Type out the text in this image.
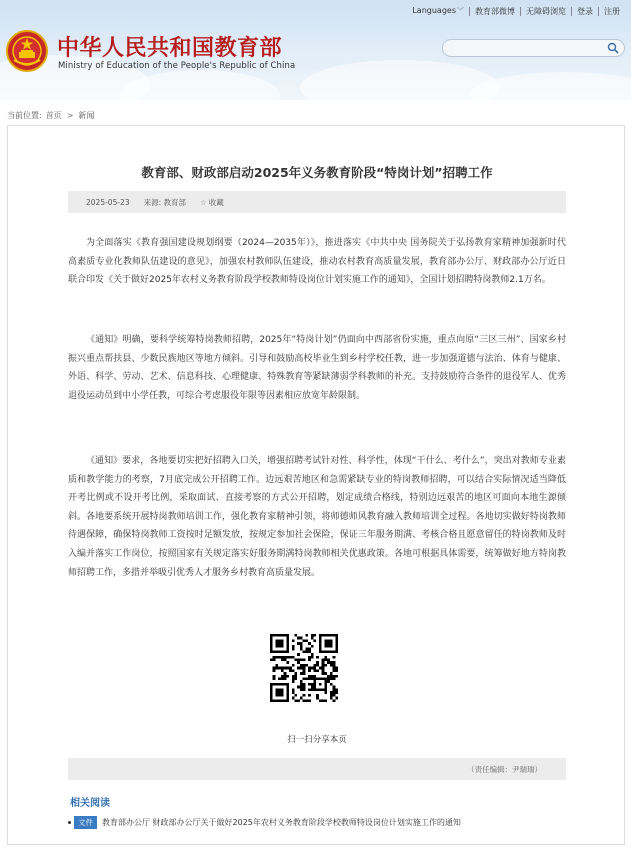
Languages﹀	教育部微博	无障碍浏览	登录	注册
中华人民共和国教育部
Ministry of Education of the People's Republic of China
当前位置: 首页 > 新闻
教育部、财政部启动2025年义务教育阶段“特岗计划”招聘工作
2025-05-23 来源: 教育部 ☆ 收藏
为全面落实《教育强国建设规划纲要（2024—2035年）》，推进落实《中共中央 国务院关于弘扬教育家精神加强新时代高素质专业化教师队伍建设的意见》，加强农村教师队伍建设，推动农村教育高质量发展，教育部办公厅、财政部办公厅近日联合印发《关于做好2025年农村义务教育阶段学校教师特设岗位计划实施工作的通知》，全国计划招聘特岗教师2.1万名。
《通知》明确，要科学统筹特岗教师招聘，2025年“特岗计划”仍面向中西部省份实施，重点向原“三区三州”、国家乡村振兴重点帮扶县、少数民族地区等地方倾斜。引导和鼓励高校毕业生到乡村学校任教，进一步加强道德与法治、体育与健康、外语、科学、劳动、艺术、信息科技、心理健康、特殊教育等紧缺薄弱学科教师的补充。支持鼓励符合条件的退役军人、优秀退役运动员到中小学任教，可综合考虑服役年限等因素相应放宽年龄限制。
《通知》要求，各地要切实把好招聘入口关，增强招聘考试针对性、科学性，体现“干什么、考什么”，突出对教师专业素质和教学能力的考察，7月底完成公开招聘工作。边远艰苦地区和急需紧缺专业的特岗教师招聘，可以结合实际情况适当降低开考比例或不设开考比例，采取面试、直接考察的方式公开招聘，划定成绩合格线，特别边远艰苦的地区可面向本地生源倾斜。各地要系统开展特岗教师培训工作，强化教育家精神引领，将师德师风教育融入教师培训全过程。各地切实做好特岗教师待遇保障，确保特岗教师工资按时足额发放，按规定参加社会保险，保证三年服务期满、考核合格且愿意留任的特岗教师及时入编并落实工作岗位，按照国家有关规定落实好服务期满特岗教师相关优惠政策。各地可根据具体需要，统筹做好地方特岗教师招聘工作，多措并举吸引优秀人才服务乡村教育高质量发展。
扫一扫分享本页
（责任编辑：尹瑞瑞）
相关阅读
文件	教育部办公厅 财政部办公厅关于做好2025年农村义务教育阶段学校教师特设岗位计划实施工作的通知
